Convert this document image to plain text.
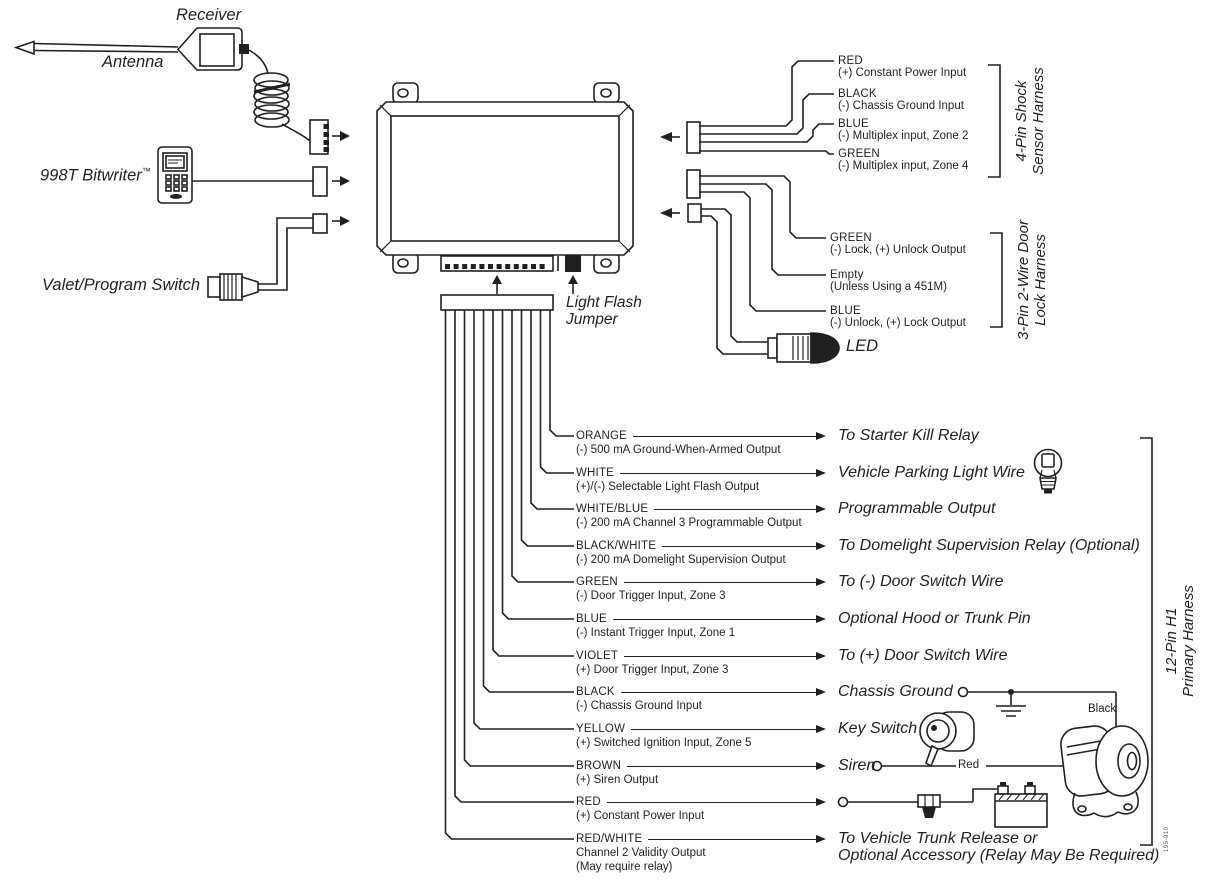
Receiver
Antenna
998T Bitwriter™
Valet/Program Switch
Light Flash
Jumper
LED
RED
(+) Constant Power Input
BLACK
(-) Chassis Ground Input
BLUE
(-) Multiplex input, Zone 2
GREEN
(-) Multiplex input, Zone 4
GREEN
(-) Lock, (+) Unlock Output
Empty
(Unless Using a 451M)
BLUE
(-) Unlock, (+) Lock Output
ORANGE
(-) 500 mA Ground-When-Armed Output
WHITE
(+)/(-) Selectable Light Flash Output
WHITE/BLUE
(-) 200 mA Channel 3 Programmable Output
BLACK/WHITE
(-) 200 mA Domelight Supervision Output
GREEN
(-) Door Trigger Input, Zone 3
BLUE
(-) Instant Trigger Input, Zone 1
VIOLET
(+) Door Trigger Input, Zone 3
BLACK
(-) Chassis Ground Input
YELLOW
(+) Switched Ignition Input, Zone 5
BROWN
(+) Siren Output
RED
(+) Constant Power Input
RED/WHITE
Channel 2 Validity Output
(May require relay)
To Starter Kill Relay
Vehicle Parking Light Wire
Programmable Output
To Domelight Supervision Relay (Optional)
To (-) Door Switch Wire
Optional Hood or Trunk Pin
To (+) Door Switch Wire
Chassis Ground
Key Switch
Siren
To Vehicle Trunk Release or
Optional Accessory (Relay May Be Required)
Black
Red
4-Pin Shock Sensor Harness
3-Pin 2-Wire Door Lock Harness
12-Pin H1 Primary Harness
195-910
